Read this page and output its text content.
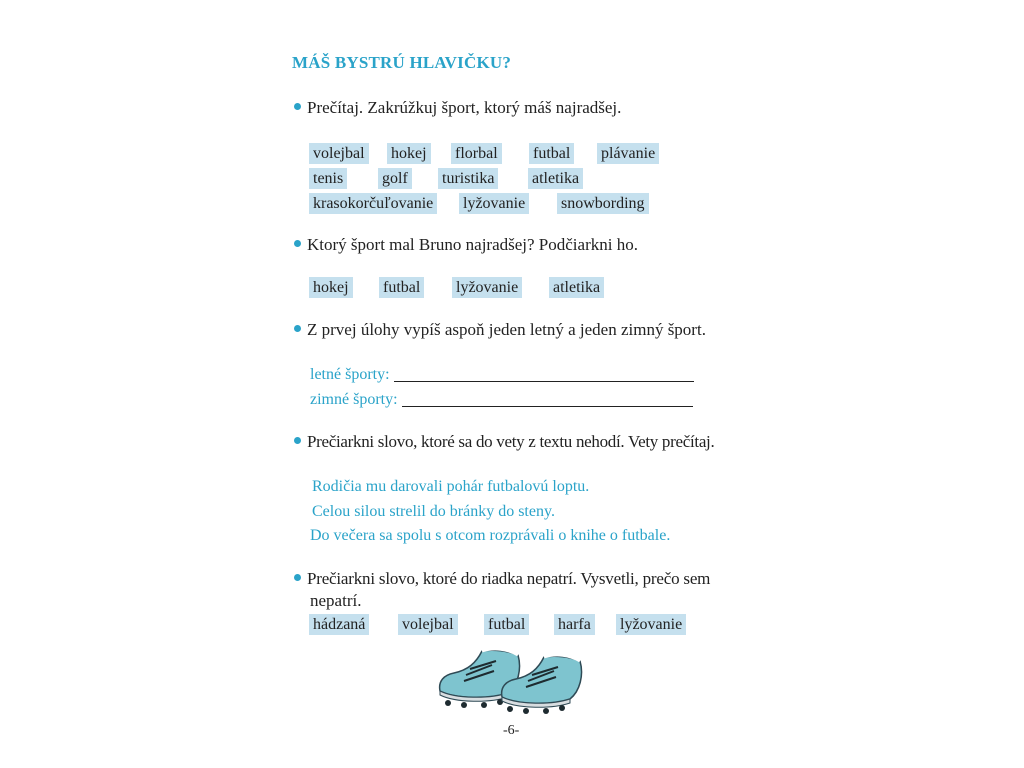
MÁŠ BYSTRÚ HLAVIČKU?
Prečítaj. Zakrúžkuj šport, ktorý máš najradšej.
volejbal hokej florbal futbal plávanie
tenis golf turistika atletika
krasokorčuľovanie lyžovanie snowbording
Ktorý šport mal Bruno najradšej? Podčiarkni ho.
hokej futbal lyžovanie atletika
Z prvej úlohy vypíš aspoň jeden letný a jeden zimný šport.
letné športy:
zimné športy:
Prečiarkni slovo, ktoré sa do vety z textu nehodí. Vety prečítaj.
Rodičia mu darovali pohár futbalovú loptu.
Celou silou strelil do bránky do steny.
Do večera sa spolu s otcom rozprávali o knihe o futbale.
Prečiarkni slovo, ktoré do riadka nepatrí. Vysvetli, prečo sem
nepatrí.
hádzaná volejbal futbal harfa lyžovanie
-6-
